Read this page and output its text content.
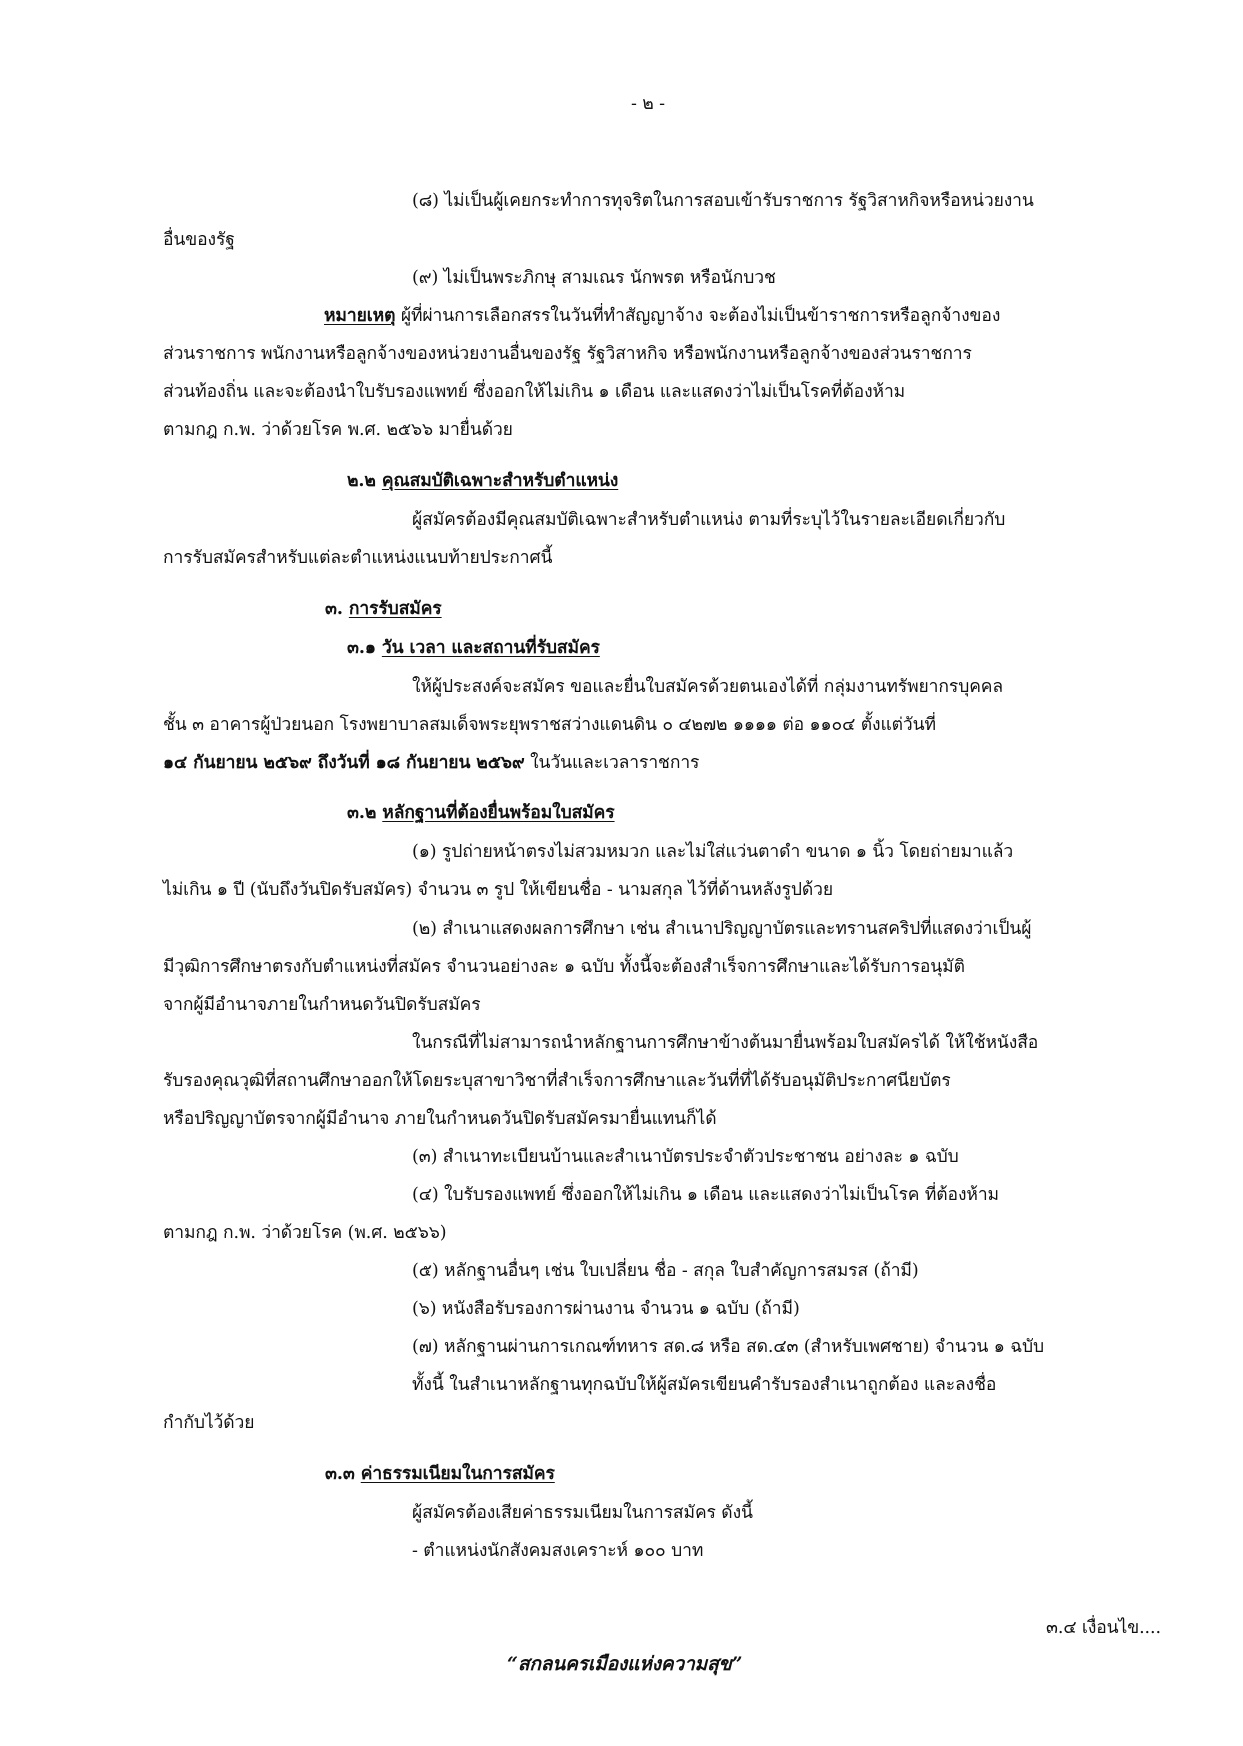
- ๒ -

(๘) ไม่เป็นผู้เคยกระทำการทุจริตในการสอบเข้ารับราชการ รัฐวิสาหกิจหรือหน่วยงาน

อื่นของรัฐ

(๙) ไม่เป็นพระภิกษุ สามเณร นักพรต หรือนักบวช

หมายเหตุ ผู้ที่ผ่านการเลือกสรรในวันที่ทำสัญญาจ้าง จะต้องไม่เป็นข้าราชการหรือลูกจ้างของ

ส่วนราชการ พนักงานหรือลูกจ้างของหน่วยงานอื่นของรัฐ รัฐวิสาหกิจ หรือพนักงานหรือลูกจ้างของส่วนราชการ

ส่วนท้องถิ่น และจะต้องนำใบรับรองแพทย์ ซึ่งออกให้ไม่เกิน ๑ เดือน และแสดงว่าไม่เป็นโรคที่ต้องห้าม

ตามกฎ ก.พ. ว่าด้วยโรค พ.ศ. ๒๕๖๖ มายื่นด้วย

๒.๒ คุณสมบัติเฉพาะสำหรับตำแหน่ง

ผู้สมัครต้องมีคุณสมบัติเฉพาะสำหรับตำแหน่ง ตามที่ระบุไว้ในรายละเอียดเกี่ยวกับ

การรับสมัครสำหรับแต่ละตำแหน่งแนบท้ายประกาศนี้

๓. การรับสมัคร

๓.๑ วัน เวลา และสถานที่รับสมัคร

ให้ผู้ประสงค์จะสมัคร ขอและยื่นใบสมัครด้วยตนเองได้ที่ กลุ่มงานทรัพยากรบุคคล

ชั้น ๓ อาคารผู้ป่วยนอก โรงพยาบาลสมเด็จพระยุพราชสว่างแดนดิน ๐ ๔๒๗๒ ๑๑๑๑ ต่อ ๑๑๐๔ ตั้งแต่วันที่

๑๔ กันยายน ๒๕๖๙ ถึงวันที่ ๑๘ กันยายน ๒๕๖๙ ในวันและเวลาราชการ

๓.๒ หลักฐานที่ต้องยื่นพร้อมใบสมัคร

(๑) รูปถ่ายหน้าตรงไม่สวมหมวก และไม่ใส่แว่นตาดำ ขนาด ๑ นิ้ว โดยถ่ายมาแล้ว

ไม่เกิน ๑ ปี (นับถึงวันปิดรับสมัคร) จำนวน ๓ รูป ให้เขียนชื่อ - นามสกุล ไว้ที่ด้านหลังรูปด้วย

(๒) สำเนาแสดงผลการศึกษา เช่น สำเนาปริญญาบัตรและทรานสคริปที่แสดงว่าเป็นผู้

มีวุฒิการศึกษาตรงกับตำแหน่งที่สมัคร จำนวนอย่างละ ๑ ฉบับ ทั้งนี้จะต้องสำเร็จการศึกษาและได้รับการอนุมัติ

จากผู้มีอำนาจภายในกำหนดวันปิดรับสมัคร

ในกรณีที่ไม่สามารถนำหลักฐานการศึกษาข้างต้นมายื่นพร้อมใบสมัครได้ ให้ใช้หนังสือ

รับรองคุณวุฒิที่สถานศึกษาออกให้โดยระบุสาขาวิชาที่สำเร็จการศึกษาและวันที่ที่ได้รับอนุมัติประกาศนียบัตร

หรือปริญญาบัตรจากผู้มีอำนาจ ภายในกำหนดวันปิดรับสมัครมายื่นแทนก็ได้

(๓) สำเนาทะเบียนบ้านและสำเนาบัตรประจำตัวประชาชน อย่างละ ๑ ฉบับ

(๔) ใบรับรองแพทย์ ซึ่งออกให้ไม่เกิน ๑ เดือน และแสดงว่าไม่เป็นโรค ที่ต้องห้าม

ตามกฎ ก.พ. ว่าด้วยโรค (พ.ศ. ๒๕๖๖)

(๕) หลักฐานอื่นๆ เช่น ใบเปลี่ยน ชื่อ - สกุล ใบสำคัญการสมรส (ถ้ามี)

(๖) หนังสือรับรองการผ่านงาน จำนวน ๑ ฉบับ (ถ้ามี)

(๗) หลักฐานผ่านการเกณฑ์ทหาร สด.๘ หรือ สด.๔๓ (สำหรับเพศชาย) จำนวน ๑ ฉบับ

ทั้งนี้ ในสำเนาหลักฐานทุกฉบับให้ผู้สมัครเขียนคำรับรองสำเนาถูกต้อง และลงชื่อ

กำกับไว้ด้วย

๓.๓ ค่าธรรมเนียมในการสมัคร

ผู้สมัครต้องเสียค่าธรรมเนียมในการสมัคร ดังนี้

- ตำแหน่งนักสังคมสงเคราะห์ ๑๐๐ บาท

๓.๔ เงื่อนไข....

“สกลนครเมืองแห่งความสุข”
